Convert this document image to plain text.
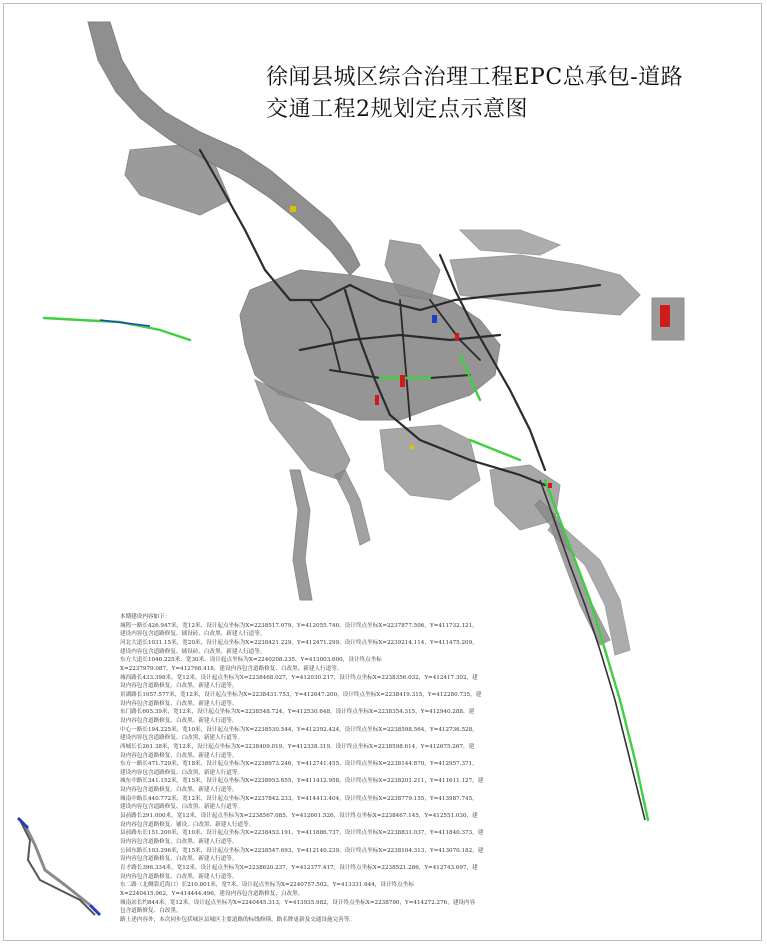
徐闻县城区综合治理工程EPC总承包-道路
交通工程2规划定点示意图
本期建设内容如下：
城隍一路长426.947米，宽12米，设计起点坐标为X=2238517.079，Y=412055.740，设计终点坐标X=2237877.506，Y=411732.121，
建设内容包含道路修复、铺设砖、白改黑、新建人行道等。
河北大道长1031.15米，宽20米，设计起点坐标为X=2238421.229，Y=412471.299，设计终点坐标X=2239214.114，Y=411475.209，
建设内容包含道路修复、铺设砖、白改黑、新建人行道等。
东方大道长1046.225米，宽30米，设计起点坐标为X=2240208.235，Y=413003.600，设计终点坐标
X=2237979.087，Y=412768.418，建设内容包含道路修复、白改黑、新建人行道等。
城西路长433.398米，宽12米，设计起点坐标为X=2238468.027，Y=412030.217，设计终点坐标X=2238356.032，Y=412417.302，建
设内容包含道路修复、白改黑、新建人行道等。
景湖路长1057.577米，宽12米，设计起点坐标为X=2238431.753，Y=412647.200，设计终点坐标X=2238419.315，Y=412280.735，建
设内容包含道路修复、白改黑、新建人行道等。
东门路长605.39米，宽12米，设计起点坐标为X=2238548.724，Y=412530.648，设计终点坐标X=2238354.315，Y=412940.288，建
设内容包含道路修复、白改黑、新建人行道等。
中心一路长194.225米，宽10米，设计起点坐标为X=2238530.544，Y=412392.424，设计终点坐标X=2238598.564，Y=412736.528，
建设内容包含道路修复、白改黑、新建人行道等。
西城长长261.38米，宽12米，设计起点坐标为X=2238409.019，Y=412338.319，设计终点坐标X=2238598.614，Y=412675.267，建
设内容包含道路修复、白改黑、新建人行道等。
东方一路长471.729米，宽18米，设计起点坐标为X=2238973.246，Y=412741.455，设计终点坐标X=2238144.870，Y=412957.371，
建设内容包含道路修复、白改黑、新建人行道等。
城东中路长341.152米，宽15米，设计起点坐标为X=2238953.655，Y=411412.958，设计终点坐标X=2238201.211，Y=411611.127，建
设内容包含道路修复、白改黑、新建人行道等。
城南中路长440.772米，宽12米，设计起点坐标为X=2237842.233，Y=414413.404，设计终点坐标X=2238779.155，Y=413987.745，
建设内容包含道路修复、白改黑、新建人行道等。
县前路长291.000米，宽12米，设计起点坐标为X=2238567.085，Y=412601.526，设计终点坐标X=2238467.145，Y=412551.030，建
设内容包含道路修复、铺设、白改黑、新建人行道等。
县前路东长151.200米，宽10米，设计起点坐标为X=2238453.191，Y=411886.737，设计终点坐标X=2238831.037，Y=411840.373，建
设内容包含道路修复、白改黑、新建人行道等。
公园东路长103.296米，宽15米，设计起点坐标为X=2238547.693，Y=412140.239，设计终点坐标X=2238104.313，Y=413070.182，建
设内容包含道路修复、白改黑、新建人行道等。
育才路长396.334米，宽12米，设计起点坐标为X=2238620.237，Y=412377.417，设计终点坐标X=2238521.286，Y=412743.697，建
设内容包含道路修复、白改黑、新建人行道等。
东二路（北侧靠近海口）长210.801米，宽7米，设计起点坐标为X=2240757.502，Y=413331.644，设计终点坐标
X=2240415.962，Y=414444.496，建设内容包含道路修复、白改黑。
城南站长约844米，宽12米，设计起点坐标为X=2240445.313，Y=413935.982，设计终点坐标X=2238790，Y=414272.276，建设内容
包含道路修复、白改黑。
路上述内容外，本次同步包括城区县城区主要道路的标线修缮、路名牌更新及交通设施完善等。
